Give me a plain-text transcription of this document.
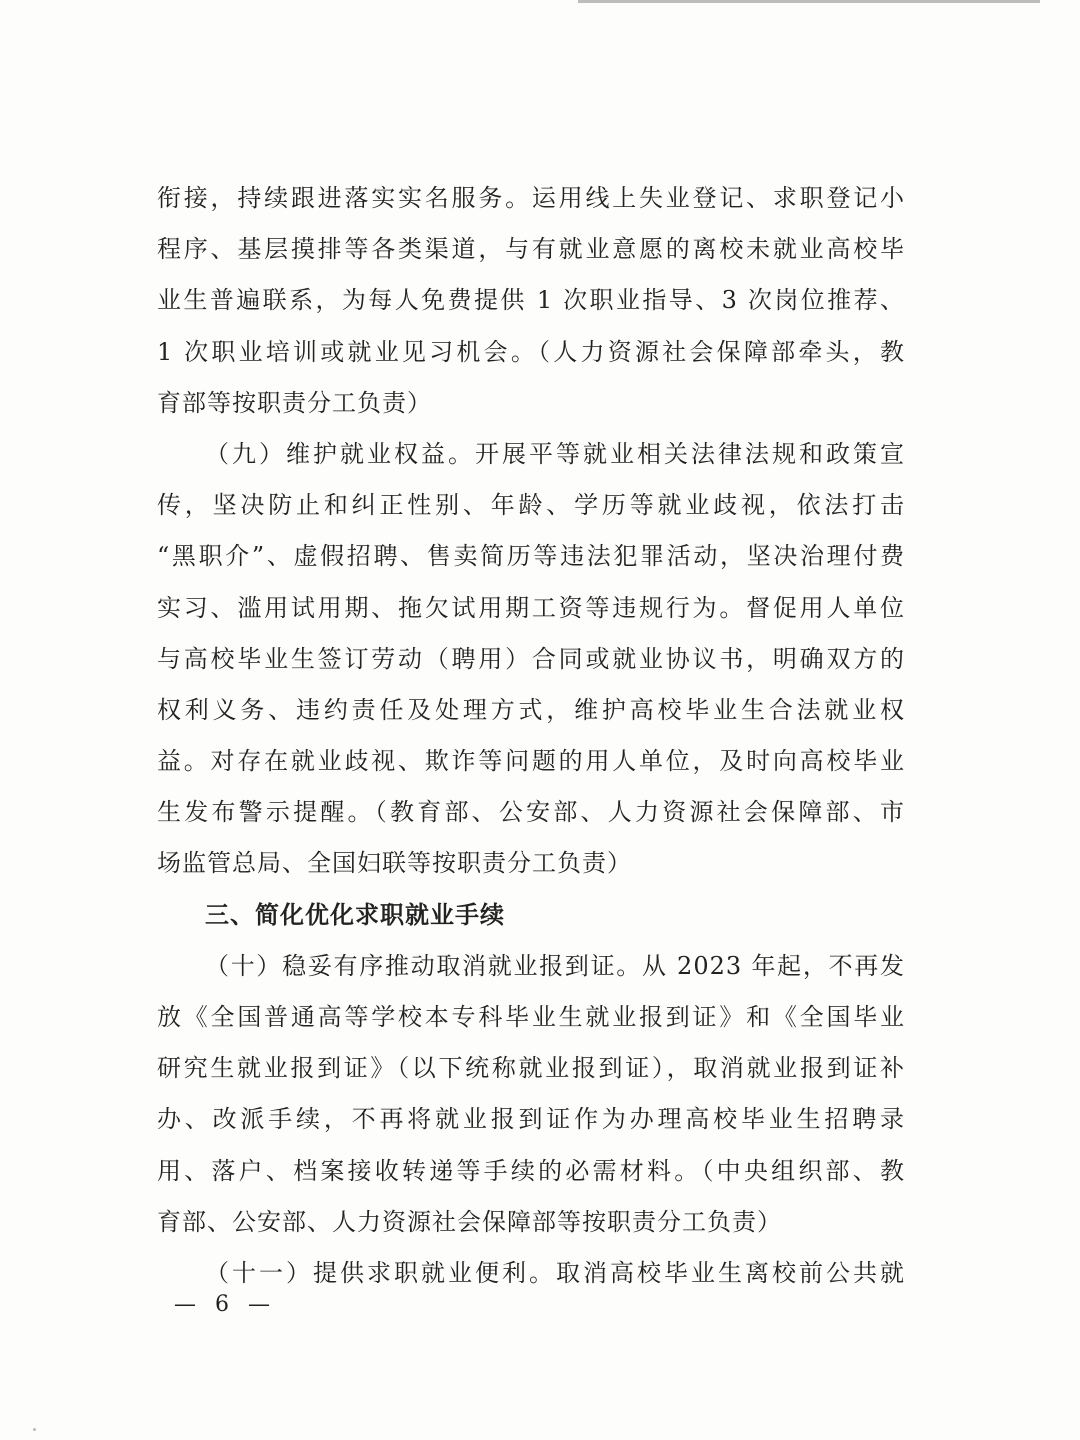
衔接，持续跟进落实实名服务。运用线上失业登记、求职登记小
程序、基层摸排等各类渠道，与有就业意愿的离校未就业高校毕
业生普遍联系，为每人免费提供 1 次职业指导、3 次岗位推荐、
1 次职业培训或就业见习机会。（人力资源社会保障部牵头，教
育部等按职责分工负责）
（九）维护就业权益。开展平等就业相关法律法规和政策宣
传，坚决防止和纠正性别、年龄、学历等就业歧视，依法打击
“黑职介”、虚假招聘、售卖简历等违法犯罪活动，坚决治理付费
实习、滥用试用期、拖欠试用期工资等违规行为。督促用人单位
与高校毕业生签订劳动（聘用）合同或就业协议书，明确双方的
权利义务、违约责任及处理方式，维护高校毕业生合法就业权
益。对存在就业歧视、欺诈等问题的用人单位，及时向高校毕业
生发布警示提醒。（教育部、公安部、人力资源社会保障部、市
场监管总局、全国妇联等按职责分工负责）
三、简化优化求职就业手续
（十）稳妥有序推动取消就业报到证。从 2023 年起，不再发
放《全国普通高等学校本专科毕业生就业报到证》和《全国毕业
研究生就业报到证》（以下统称就业报到证），取消就业报到证补
办、改派手续，不再将就业报到证作为办理高校毕业生招聘录
用、落户、档案接收转递等手续的必需材料。（中央组织部、教
育部、公安部、人力资源社会保障部等按职责分工负责）
（十一）提供求职就业便利。取消高校毕业生离校前公共就
— 6 —
